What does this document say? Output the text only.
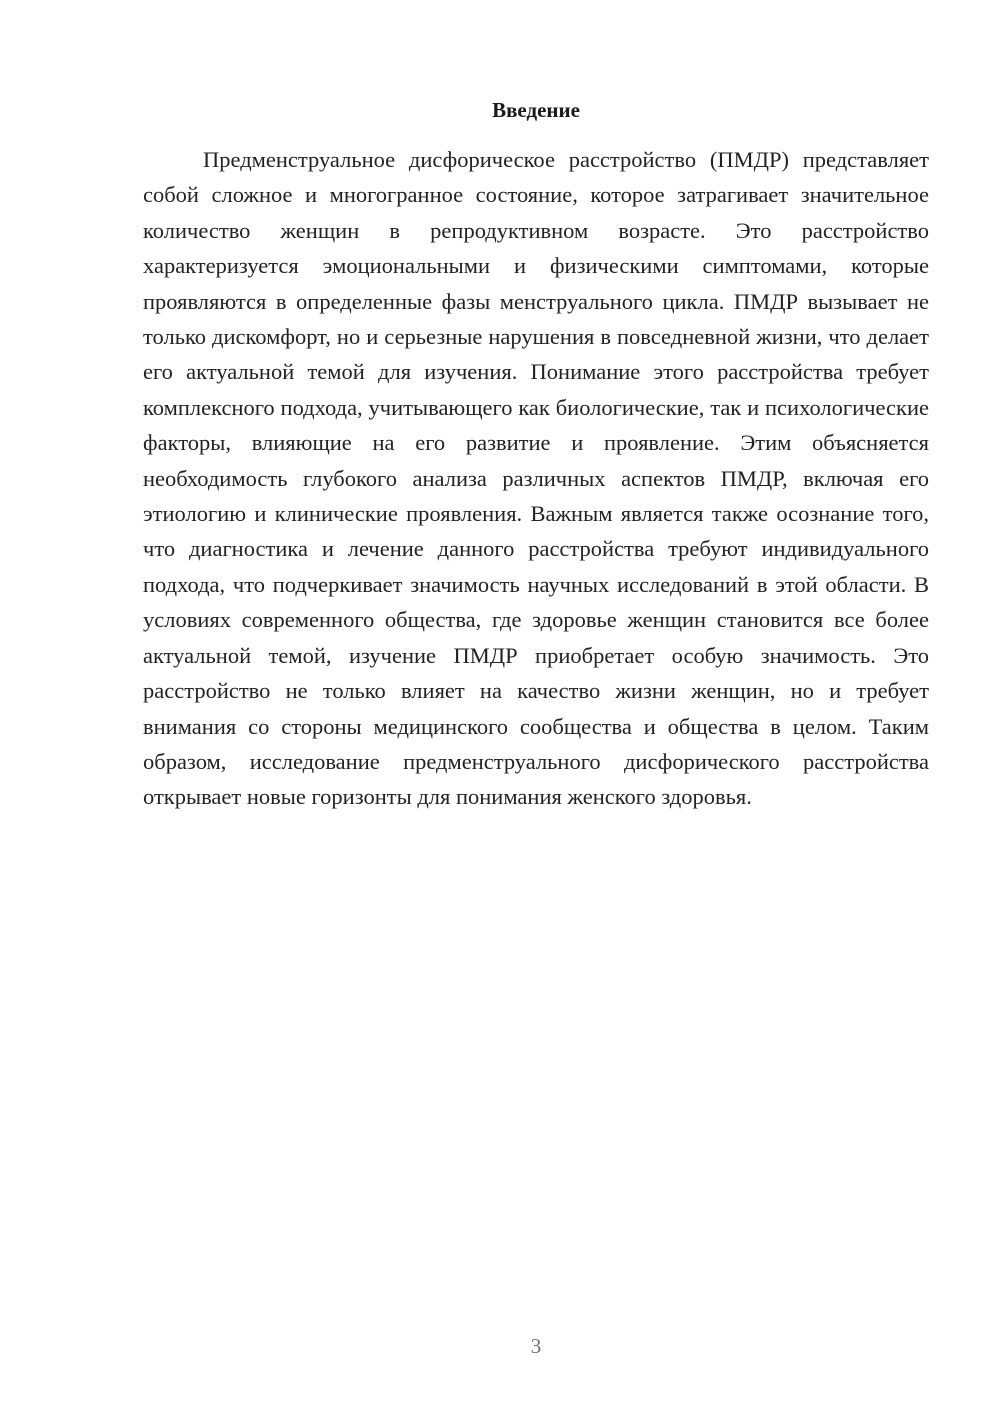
Введение

Предменструальное дисфорическое расстройство (ПМДР) представляет собой сложное и многогранное состояние, которое затрагивает значительное количество женщин в репродуктивном возрасте. Это расстройство характеризуется эмоциональными и физическими симптомами, которые проявляются в определенные фазы менструального цикла. ПМДР вызывает не только дискомфорт, но и серьезные нарушения в повседневной жизни, что делает его актуальной темой для изучения. Понимание этого расстройства требует комплексного подхода, учитывающего как биологические, так и психологические факторы, влияющие на его развитие и проявление. Этим объясняется необходимость глубокого анализа различных аспектов ПМДР, включая его этиологию и клинические проявления. Важным является также осознание того, что диагностика и лечение данного расстройства требуют индивидуального подхода, что подчеркивает значимость научных исследований в этой области. В условиях современного общества, где здоровье женщин становится все более актуальной темой, изучение ПМДР приобретает особую значимость. Это расстройство не только влияет на качество жизни женщин, но и требует внимания со стороны медицинского сообщества и общества в целом. Таким образом, исследование предменструального дисфорического расстройства открывает новые горизонты для понимания женского здоровья.

3
